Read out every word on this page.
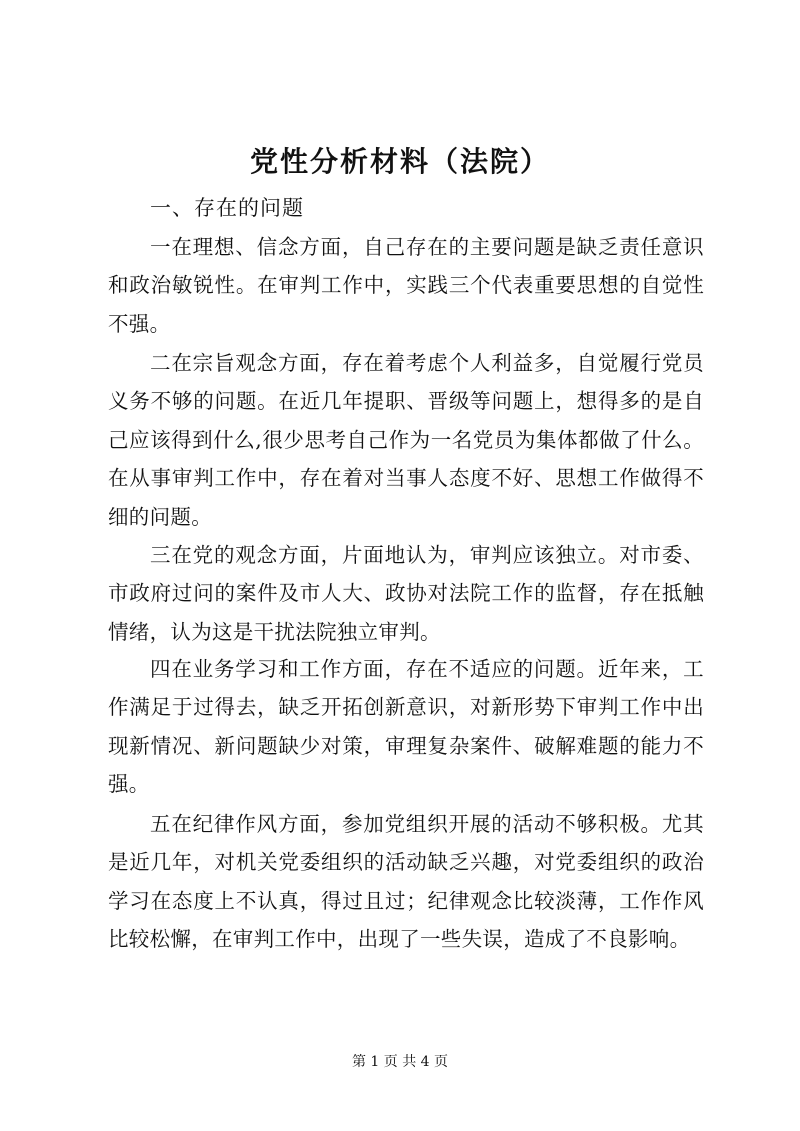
党性分析材料（法院）
一、存在的问题
一在理想、信念方面，自己存在的主要问题是缺乏责任意识和政治敏锐性。在审判工作中，实践三个代表重要思想的自觉性不强。
二在宗旨观念方面，存在着考虑个人利益多，自觉履行党员义务不够的问题。在近几年提职、晋级等问题上，想得多的是自己应该得到什么,很少思考自己作为一名党员为集体都做了什么。在从事审判工作中，存在着对当事人态度不好、思想工作做得不细的问题。
三在党的观念方面，片面地认为，审判应该独立。对市委、市政府过问的案件及市人大、政协对法院工作的监督，存在抵触情绪，认为这是干扰法院独立审判。
四在业务学习和工作方面，存在不适应的问题。近年来，工作满足于过得去，缺乏开拓创新意识，对新形势下审判工作中出现新情况、新问题缺少对策，审理复杂案件、破解难题的能力不强。
五在纪律作风方面，参加党组织开展的活动不够积极。尤其是近几年，对机关党委组织的活动缺乏兴趣，对党委组织的政治学习在态度上不认真，得过且过；纪律观念比较淡薄，工作作风比较松懈，在审判工作中，出现了一些失误，造成了不良影响。
第 1 页 共 4 页
